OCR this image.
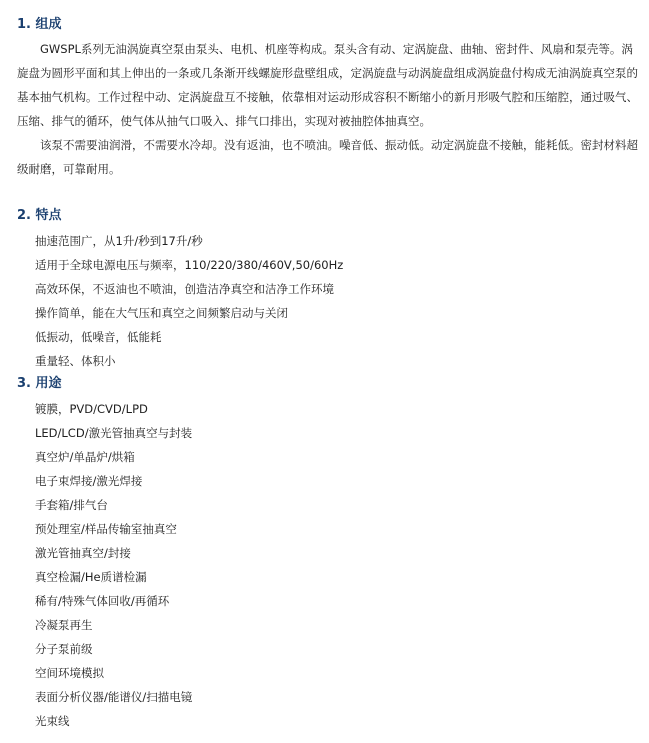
1. 组成

GWSPL系列无油涡旋真空泵由泵头、电机、机座等构成。泵头含有动、定涡旋盘、曲轴、密封件、风扇和泵壳等。涡旋盘为圆形平面和其上伸出的一条或几条渐开线螺旋形盘壁组成，定涡旋盘与动涡旋盘组成涡旋盘付构成无油涡旋真空泵的基本抽气机构。工作过程中动、定涡旋盘互不接触，依靠相对运动形成容积不断缩小的新月形吸气腔和压缩腔，通过吸气、压缩、排气的循环，使气体从抽气口吸入、排气口排出，实现对被抽腔体抽真空。

该泵不需要油润滑，不需要水冷却。没有返油，也不喷油。噪音低、振动低。动定涡旋盘不接触，能耗低。密封材料超级耐磨，可靠耐用。

2. 特点
抽速范围广，从1升/秒到17升/秒
适用于全球电源电压与频率，110/220/380/460V,50/60Hz
高效环保，不返油也不喷油，创造洁净真空和洁净工作环境
操作简单，能在大气压和真空之间频繁启动与关闭
低振动，低噪音，低能耗
重量轻、体积小
3. 用途
镀膜，PVD/CVD/LPD
LED/LCD/激光管抽真空与封装
真空炉/单晶炉/烘箱
电子束焊接/激光焊接
手套箱/排气台
预处理室/样品传输室抽真空
激光管抽真空/封接
真空检漏/He质谱检漏
稀有/特殊气体回收/再循环
冷凝泵再生
分子泵前级
空间环境模拟
表面分析仪器/能谱仪/扫描电镜
光束线
